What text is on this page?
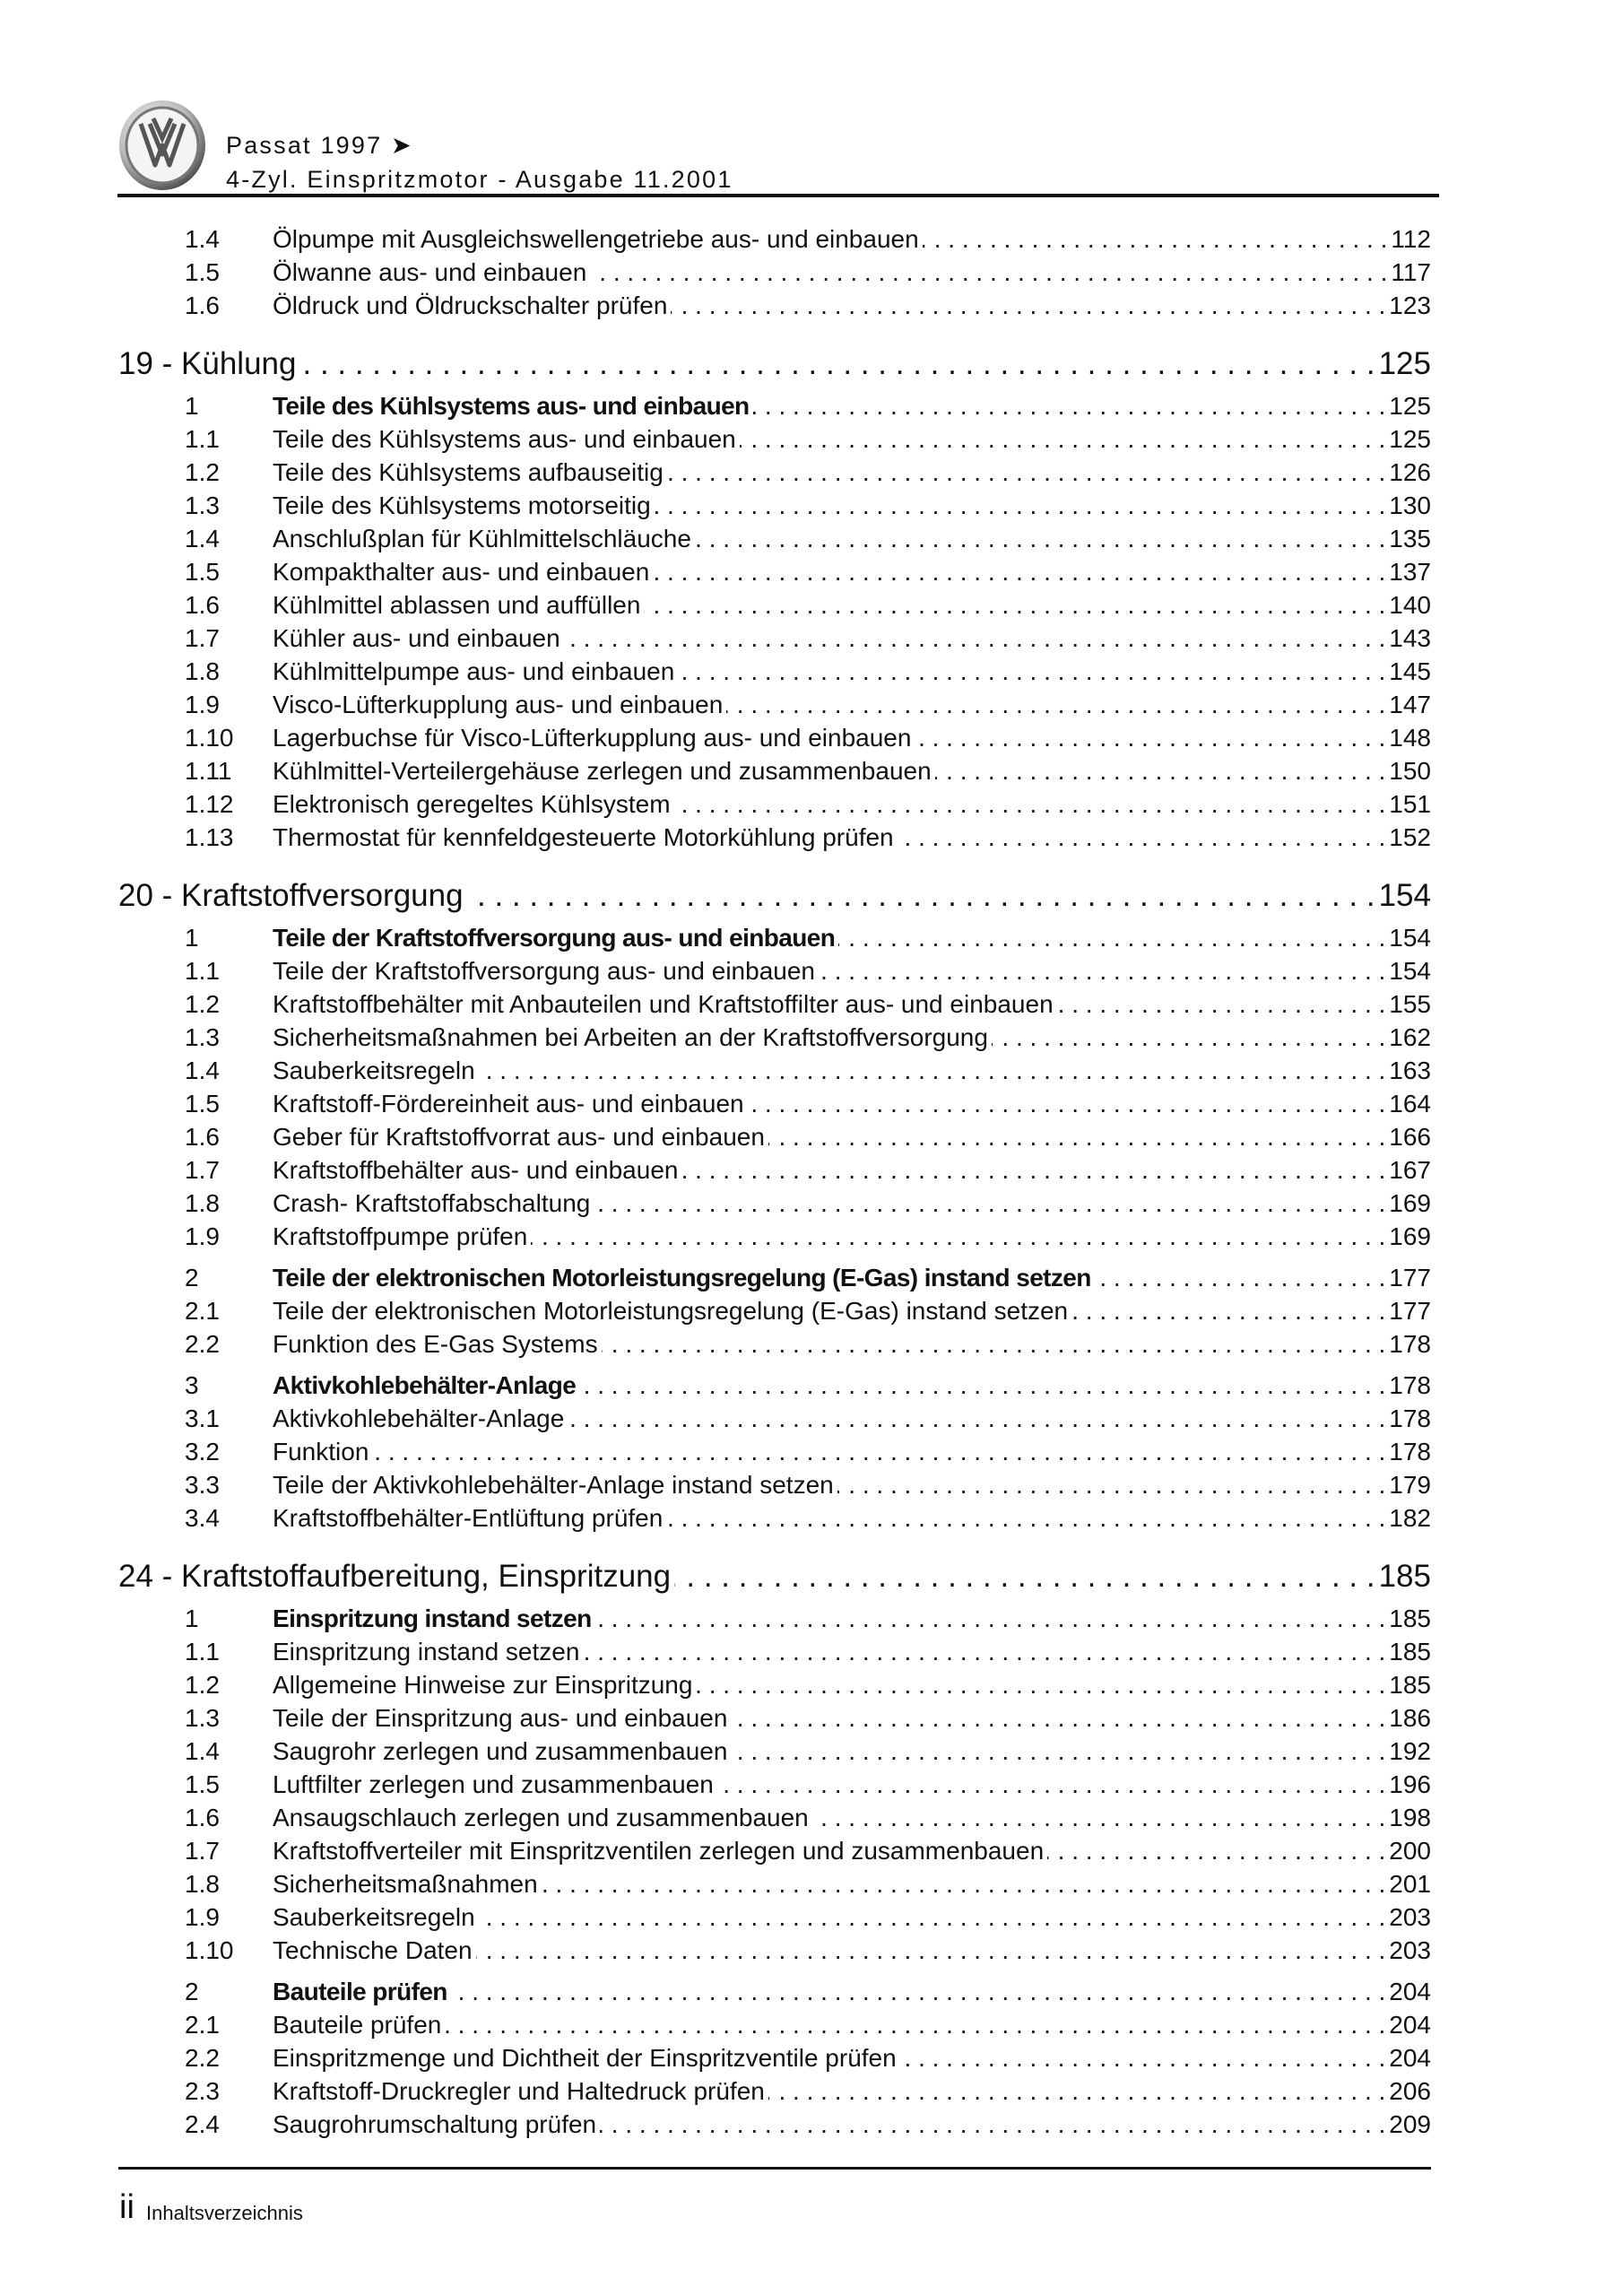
Passat 1997 ➤
4-Zyl. Einspritzmotor - Ausgabe 11.2001
1.4	Ölpumpe mit Ausgleichswellengetriebe aus- und einbauen . . .	112
1.5	Ölwanne aus- und einbauen . . .	117
1.6	Öldruck und Öldruckschalter prüfen . . .	123
19 - Kühlung . . .	125
1	Teile des Kühlsystems aus- und einbauen . . .	125
1.1	Teile des Kühlsystems aus- und einbauen . . .	125
1.2	Teile des Kühlsystems aufbauseitig . . .	126
1.3	Teile des Kühlsystems motorseitig . . .	130
1.4	Anschlußplan für Kühlmittelschläuche . . .	135
1.5	Kompakthalter aus- und einbauen . . .	137
1.6	Kühlmittel ablassen und auffüllen . . .	140
1.7	Kühler aus- und einbauen . . .	143
1.8	Kühlmittelpumpe aus- und einbauen . . .	145
1.9	Visco-Lüfterkupplung aus- und einbauen . . .	147
1.10	Lagerbuchse für Visco-Lüfterkupplung aus- und einbauen . . .	148
1.11	Kühlmittel-Verteilergehäuse zerlegen und zusammenbauen . . .	150
1.12	Elektronisch geregeltes Kühlsystem . . .	151
1.13	Thermostat für kennfeldgesteuerte Motorkühlung prüfen . . .	152
20 - Kraftstoffversorgung . . .	154
1	Teile der Kraftstoffversorgung aus- und einbauen . . .	154
1.1	Teile der Kraftstoffversorgung aus- und einbauen . . .	154
1.2	Kraftstoffbehälter mit Anbauteilen und Kraftstoffilter aus- und einbauen . . .	155
1.3	Sicherheitsmaßnahmen bei Arbeiten an der Kraftstoffversorgung . . .	162
1.4	Sauberkeitsregeln . . .	163
1.5	Kraftstoff-Fördereinheit aus- und einbauen . . .	164
1.6	Geber für Kraftstoffvorrat aus- und einbauen . . .	166
1.7	Kraftstoffbehälter aus- und einbauen . . .	167
1.8	Crash- Kraftstoffabschaltung . . .	169
1.9	Kraftstoffpumpe prüfen . . .	169
2	Teile der elektronischen Motorleistungsregelung (E-Gas) instand setzen . . .	177
2.1	Teile der elektronischen Motorleistungsregelung (E-Gas) instand setzen . . .	177
2.2	Funktion des E-Gas Systems . . .	178
3	Aktivkohlebehälter-Anlage . . .	178
3.1	Aktivkohlebehälter-Anlage . . .	178
3.2	Funktion . . .	178
3.3	Teile der Aktivkohlebehälter-Anlage instand setzen . . .	179
3.4	Kraftstoffbehälter-Entlüftung prüfen . . .	182
24 - Kraftstoffaufbereitung, Einspritzung . . .	185
1	Einspritzung instand setzen . . .	185
1.1	Einspritzung instand setzen . . .	185
1.2	Allgemeine Hinweise zur Einspritzung . . .	185
1.3	Teile der Einspritzung aus- und einbauen . . .	186
1.4	Saugrohr zerlegen und zusammenbauen . . .	192
1.5	Luftfilter zerlegen und zusammenbauen . . .	196
1.6	Ansaugschlauch zerlegen und zusammenbauen . . .	198
1.7	Kraftstoffverteiler mit Einspritzventilen zerlegen und zusammenbauen . . .	200
1.8	Sicherheitsmaßnahmen . . .	201
1.9	Sauberkeitsregeln . . .	203
1.10	Technische Daten . . .	203
2	Bauteile prüfen . . .	204
2.1	Bauteile prüfen . . .	204
2.2	Einspritzmenge und Dichtheit der Einspritzventile prüfen . . .	204
2.3	Kraftstoff-Druckregler und Haltedruck prüfen . . .	206
2.4	Saugrohrumschaltung prüfen . . .	209
ii Inhaltsverzeichnis
